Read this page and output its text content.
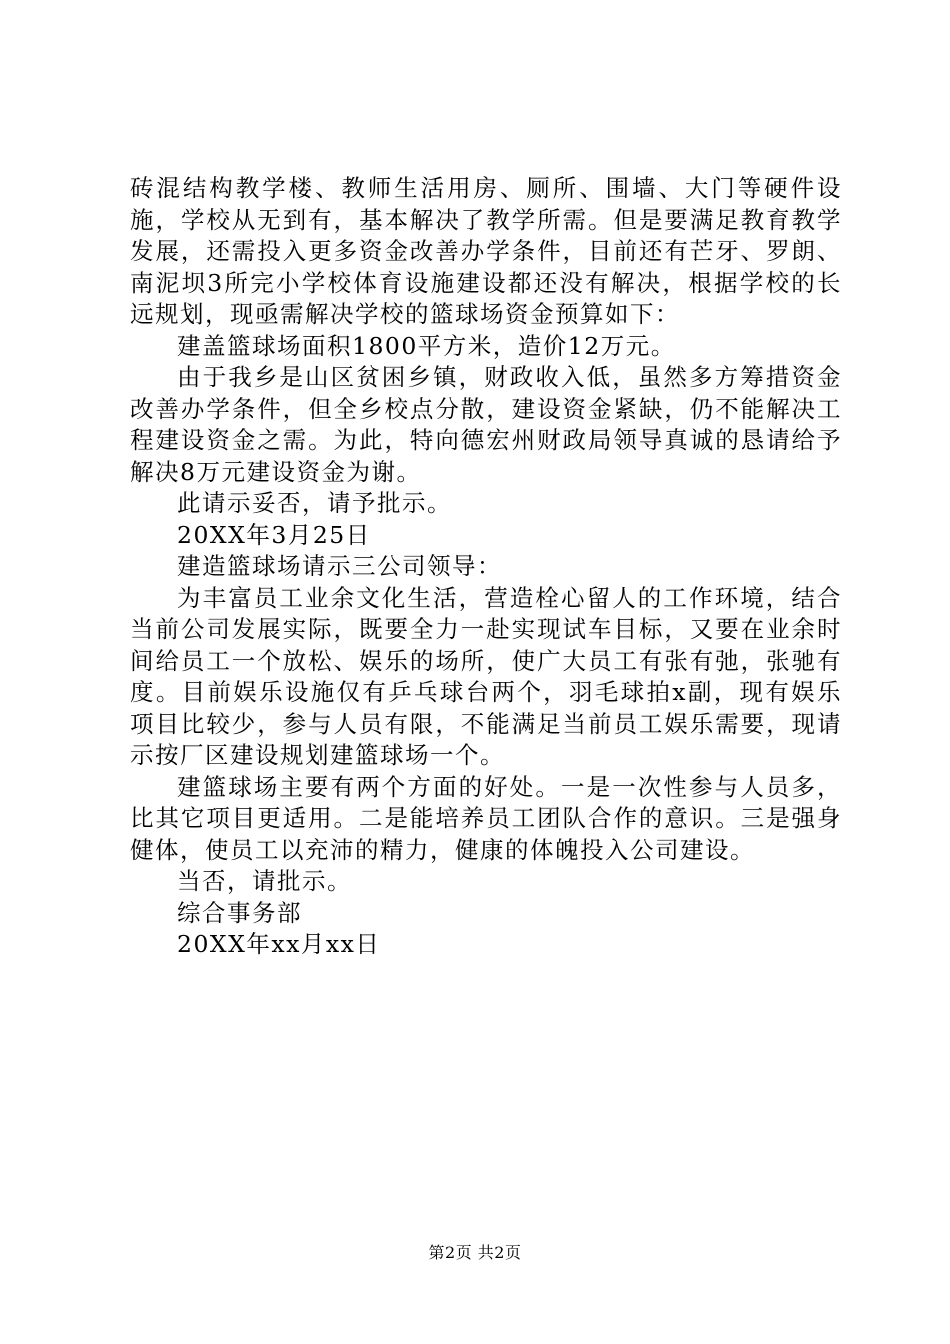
砖混结构教学楼、教师生活用房、厕所、围墙、大门等硬件设施，学校从无到有，基本解决了教学所需。但是要满足教育教学发展，还需投入更多资金改善办学条件，目前还有芒牙、罗朗、南泥坝3所完小学校体育设施建设都还没有解决，根据学校的长远规划，现亟需解决学校的篮球场资金预算如下：

建盖篮球场面积1800平方米，造价12万元。

由于我乡是山区贫困乡镇，财政收入低，虽然多方筹措资金改善办学条件，但全乡校点分散，建设资金紧缺，仍不能解决工程建设资金之需。为此，特向德宏州财政局领导真诚的恳请给予解决8万元建设资金为谢。

此请示妥否，请予批示。

20XX年3月25日

建造篮球场请示三公司领导：

为丰富员工业余文化生活，营造栓心留人的工作环境，结合当前公司发展实际，既要全力一赴实现试车目标，又要在业余时间给员工一个放松、娱乐的场所，使广大员工有张有弛，张驰有度。目前娱乐设施仅有乒乓球台两个，羽毛球拍x副，现有娱乐项目比较少，参与人员有限，不能满足当前员工娱乐需要，现请示按厂区建设规划建篮球场一个。

建篮球场主要有两个方面的好处。一是一次性参与人员多，比其它项目更适用。二是能培养员工团队合作的意识。三是强身健体，使员工以充沛的精力，健康的体魄投入公司建设。

当否，请批示。

综合事务部

20XX年xx月xx日

第2页 共2页
